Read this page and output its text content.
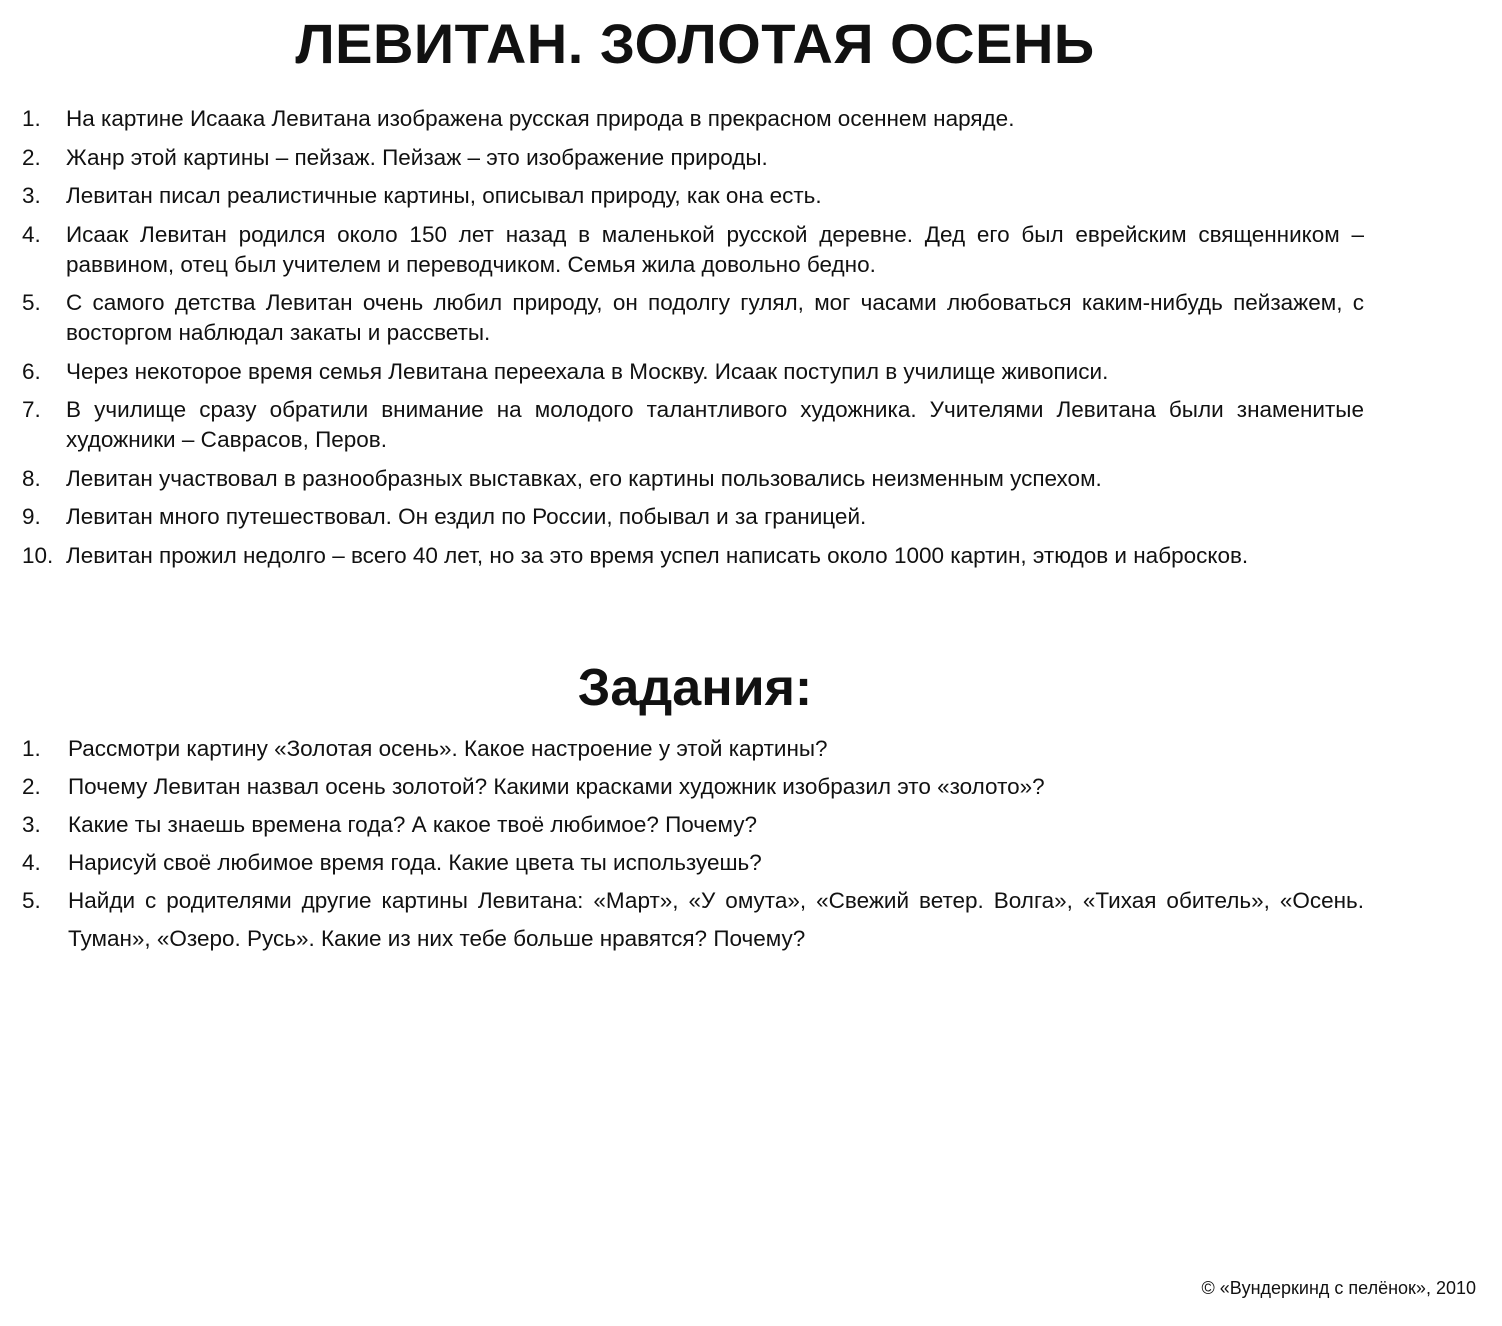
ЛЕВИТАН. ЗОЛОТАЯ ОСЕНЬ
1. На картине Исаака Левитана изображена русская природа в прекрасном осеннем наряде.
2. Жанр этой картины – пейзаж. Пейзаж – это изображение природы.
3. Левитан писал реалистичные картины, описывал природу, как она есть.
4. Исаак Левитан родился около 150 лет назад в маленькой русской деревне. Дед его был еврейским священником – раввином, отец был учителем и переводчиком. Семья жила довольно бедно.
5. С самого детства Левитан очень любил природу, он подолгу гулял, мог часами любоваться каким-нибудь пейзажем, с восторгом наблюдал закаты и рассветы.
6. Через некоторое время семья Левитана переехала в Москву. Исаак поступил в училище живописи.
7. В училище сразу обратили внимание на молодого талантливого художника. Учителями Левитана были знаменитые художники – Саврасов, Перов.
8. Левитан участвовал в разнообразных выставках, его картины пользовались неизменным успехом.
9. Левитан много путешествовал. Он ездил по России, побывал и за границей.
10. Левитан прожил недолго – всего 40 лет, но за это время успел написать около 1000 картин, этюдов и набросков.
Задания:
1. Рассмотри картину «Золотая осень». Какое настроение у этой картины?
2. Почему Левитан назвал осень золотой? Какими красками художник изобразил это «золото»?
3. Какие ты знаешь времена года? А какое твоё любимое? Почему?
4. Нарисуй своё любимое время года. Какие цвета ты используешь?
5. Найди с родителями другие картины Левитана: «Март», «У омута», «Свежий ветер. Волга», «Тихая обитель», «Осень. Туман», «Озеро. Русь». Какие из них тебе больше нравятся? Почему?
© «Вундеркинд с пелёнок», 2010
